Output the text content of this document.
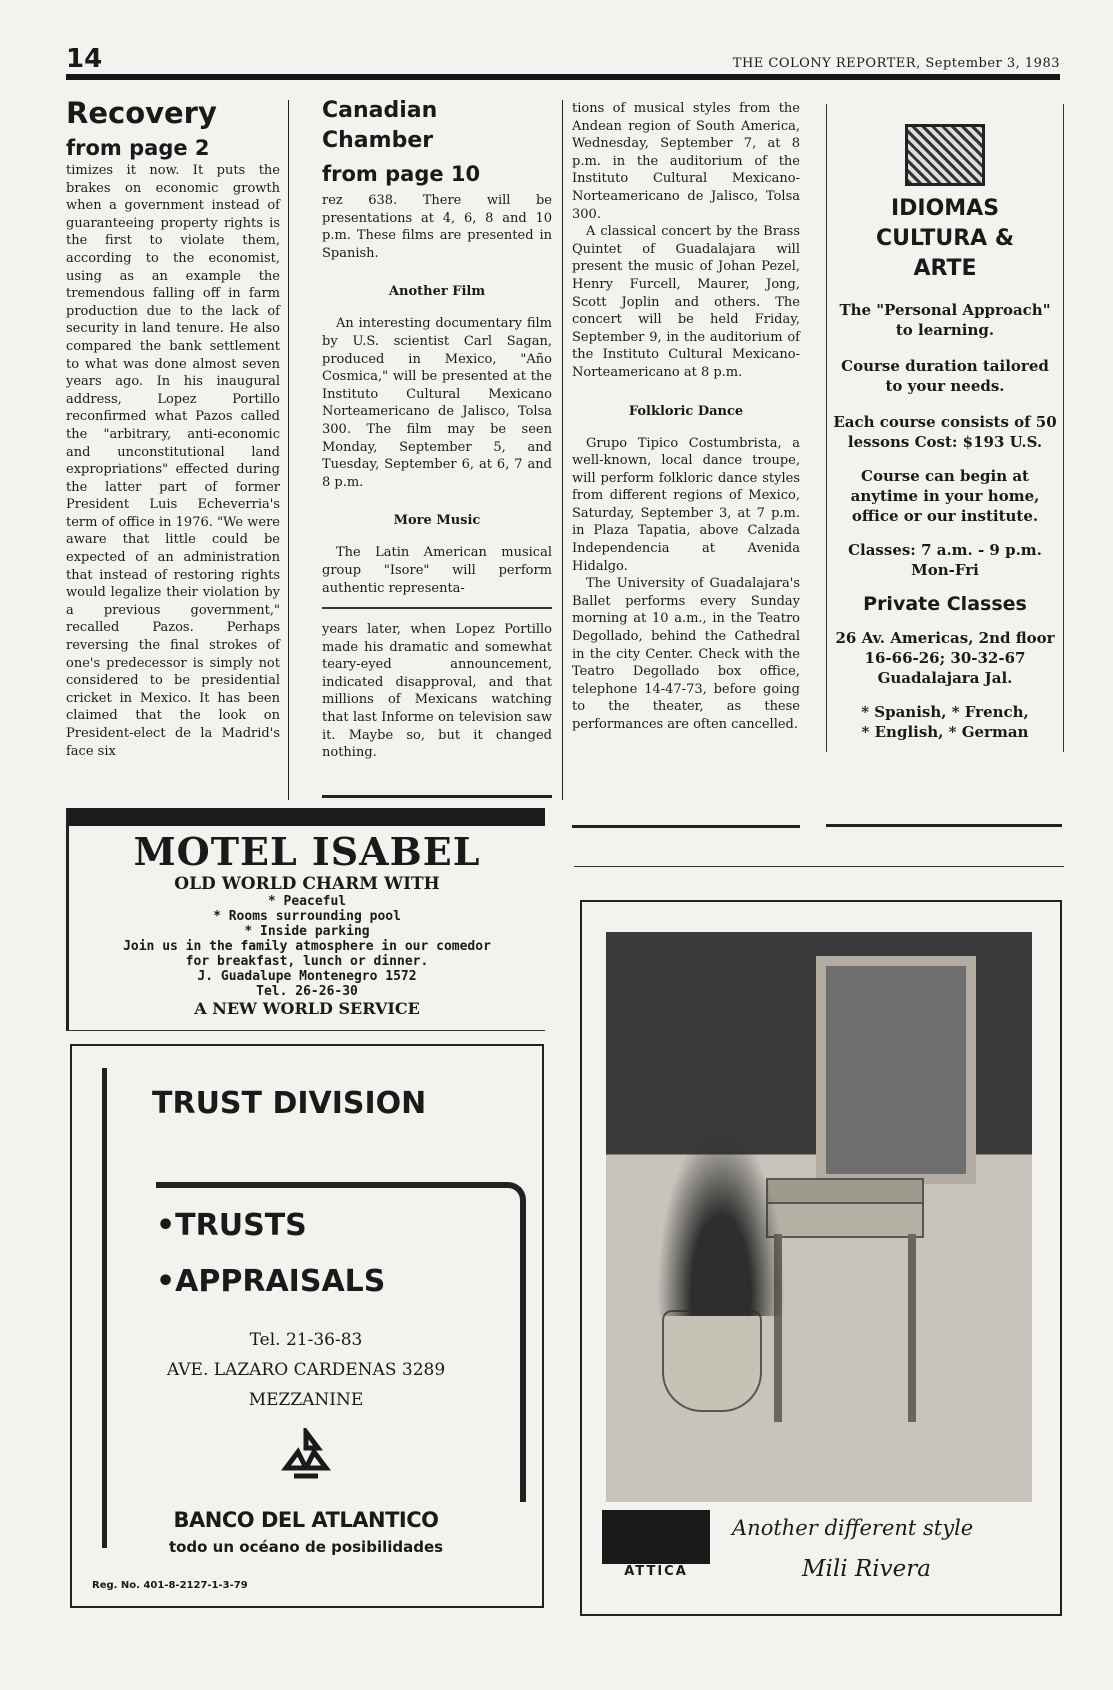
14	THE COLONY REPORTER, September 3, 1983
Recovery
from page 2
timizes it now. It puts the brakes on economic growth when a government instead of guaranteeing property rights is the first to violate them, according to the economist, using as an example the tremendous falling off in farm production due to the lack of security in land tenure. He also compared the bank settlement to what was done almost seven years ago. In his inaugural address, Lopez Portillo reconfirmed what Pazos called the "arbitrary, anti-economic and unconstitutional land expropriations" effected during the latter part of former President Luis Echeverria's term of office in 1976. "We were aware that little could be expected of an administration that instead of restoring rights would legalize their violation by a previous government," recalled Pazos. Perhaps reversing the final strokes of one's predecessor is simply not considered to be presidential cricket in Mexico. It has been claimed that the look on President-elect de la Madrid's face six
Canadian Chamber
from page 10

rez 638. There will be presentations at 4, 6, 8 and 10 p.m. These films are presented in Spanish.

Another Film

An interesting documentary film by U.S. scientist Carl Sagan, produced in Mexico, "Año Cosmica," will be presented at the Instituto Cultural Mexicano Norteamericano de Jalisco, Tolsa 300. The film may be seen Monday, September 5, and Tuesday, September 6, at 6, 7 and 8 p.m.

More Music

The Latin American musical group "Isore" will perform authentic representa-

years later, when Lopez Portillo made his dramatic and somewhat teary-eyed announcement, indicated disapproval, and that millions of Mexicans watching that last Informe on television saw it. Maybe so, but it changed nothing.

tions of musical styles from the Andean region of South America, Wednesday, September 7, at 8 p.m. in the auditorium of the Instituto Cultural Mexicano-Norteamericano de Jalisco, Tolsa 300.

A classical concert by the Brass Quintet of Guadalajara will present the music of Johan Pezel, Henry Furcell, Maurer, Jong, Scott Joplin and others. The concert will be held Friday, September 9, in the auditorium of the Instituto Cultural Mexicano-Norteamericano at 8 p.m.

Folkloric Dance

Grupo Tipico Costumbrista, a well-known, local dance troupe, will perform folkloric dance styles from different regions of Mexico, Saturday, September 3, at 7 p.m. in Plaza Tapatia, above Calzada Independencia at Avenida Hidalgo.

The University of Guadalajara's Ballet performs every Sunday morning at 10 a.m., in the Teatro Degollado, behind the Cathedral in the city Center. Check with the Teatro Degollado box office, telephone 14-47-73, before going to the theater, as these performances are often cancelled.

IDIOMAS
CULTURA &
ARTE
The "Personal Approach" to learning.
Course duration tailored to your needs.
Each course consists of 50 lessons Cost: $193 U.S.
Course can begin at anytime in your home, office or our institute.
Classes: 7 a.m. - 9 p.m. Mon-Fri
Private Classes
26 Av. Americas, 2nd floor
16-66-26; 30-32-67
Guadalajara Jal.
* Spanish, * French,
* English, * German
MOTEL ISABEL
OLD WORLD CHARM WITH
* Peaceful
* Rooms surrounding pool
* Inside parking
Join us in the family atmosphere in our comedor
for breakfast, lunch or dinner.
J. Guadalupe Montenegro 1572
Tel. 26-26-30
A NEW WORLD SERVICE
TRUST DIVISION
•TRUSTS
•APPRAISALS
Tel. 21-36-83
AVE. LAZARO CARDENAS 3289
MEZZANINE
BANCO DEL ATLANTICO
todo un océano de posibilidades
Reg. No. 401-8-2127-1-3-79
ATTICA
Another different style
Mili Rivera
